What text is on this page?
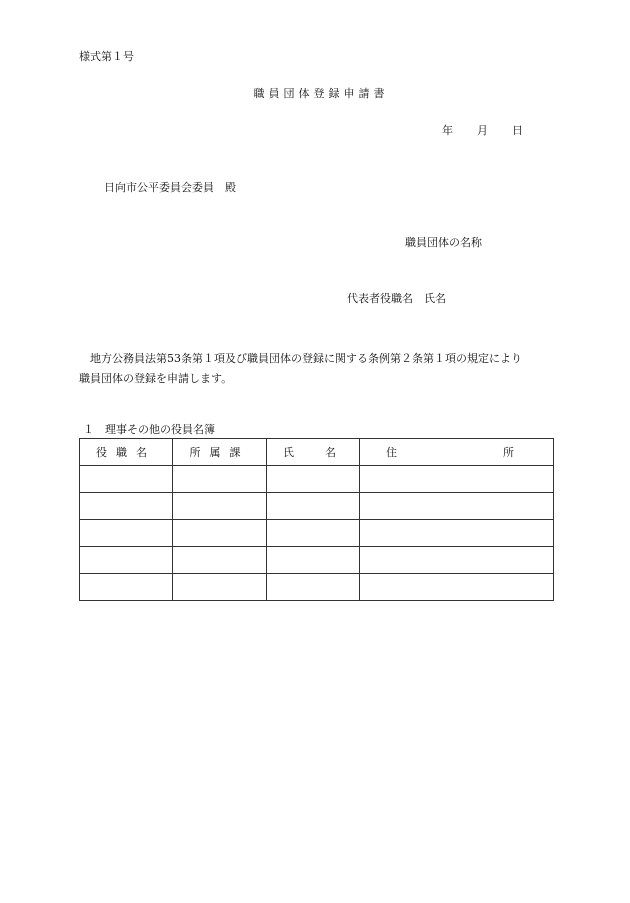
様式第１号
職員団体登録申請書
年 月 日
日向市公平委員会委員　殿
職員団体の名称
代表者役職名　氏名

　地方公務員法第53条第１項及び職員団体の登録に関する条例第２条第１項の規定により

職員団体の登録を申請します。

１　理事その他の役員名簿
役職名	所属課	氏 名	住 所
